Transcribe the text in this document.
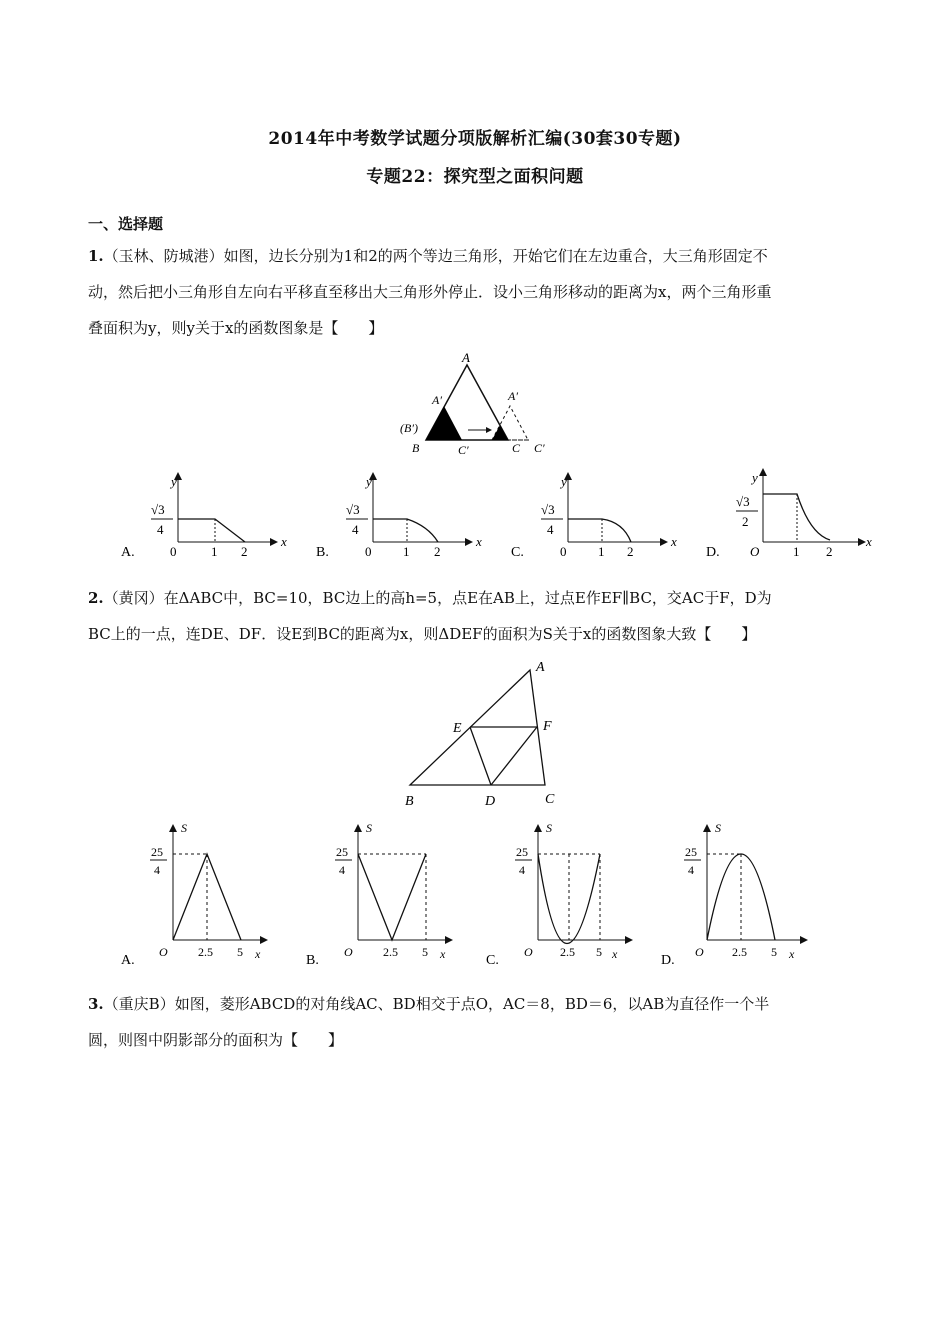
2014年中考数学试题分项版解析汇编(30套30专题)
专题22：探究型之面积问题
一、选择题
1.（玉林、防城港）如图，边长分别为1和2的两个等边三角形，开始它们在左边重合，大三角形固定不
动，然后把小三角形自左向右平移直至移出大三角形外停止．设小三角形移动的距离为x，两个三角形重
叠面积为y，则y关于x的函数图象是【　　】
A
A′	A′
(B′)
B	C′	C C′
y
x
√3
4
0	1 2
A.
y
x
√3
4
0 1 2
B.
y
x
√3
4
0 1 2
C.
y
x
√3
2
O	1 2
D.
2.（黄冈）在ΔABC中，BC=10，BC边上的高h=5，点E在AB上，过点E作EF∥BC，交AC于F，D为
BC上的一点，连DE、DF．设E到BC的距离为x，则ΔDEF的面积为S关于x的函数图象大致【　　】
A
E	F
B	D	C
S
25
4
O	2.5 5 x
A.
S
25
4
O	2.5 5 x
B.
S
25
4
O 2.5 5 x
C.
S
25
4
O 2.5 5 x
D.
3.（重庆B）如图，菱形ABCD的对角线AC、BD相交于点O，AC＝8，BD＝6，以AB为直径作一个半
圆，则图中阴影部分的面积为【　　】
